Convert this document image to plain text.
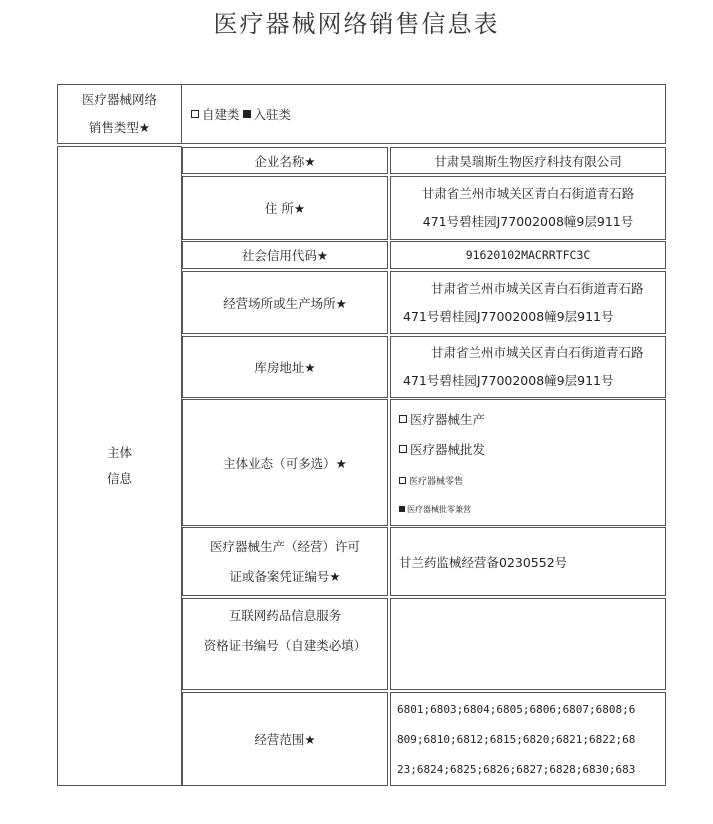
医疗器械网络销售信息表
医疗器械网络
销售类型★
自建类 入驻类
主体
信息
企业名称★	甘肃昊瑞斯生物医疗科技有限公司
住 所★
甘肃省兰州市城关区青白石街道青石路
471号碧桂园J77002008幢9层911号
社会信用代码★	91620102MACRRTFC3C
经营场所或生产场所★
甘肃省兰州市城关区青白石街道青石路
471号碧桂园J77002008幢9层911号
库房地址★
甘肃省兰州市城关区青白石街道青石路
471号碧桂园J77002008幢9层911号
主体业态（可多选）★
医疗器械生产
医疗器械批发
医疗器械零售
医疗器械批零兼营
医疗器械生产（经营）许可
证或备案凭证编号★
甘兰药监械经营备0230552号
互联网药品信息服务
资格证书编号（自建类必填）
经营范围★
6801;6803;6804;6805;6806;6807;6808;6
809;6810;6812;6815;6820;6821;6822;68
23;6824;6825;6826;6827;6828;6830;683
